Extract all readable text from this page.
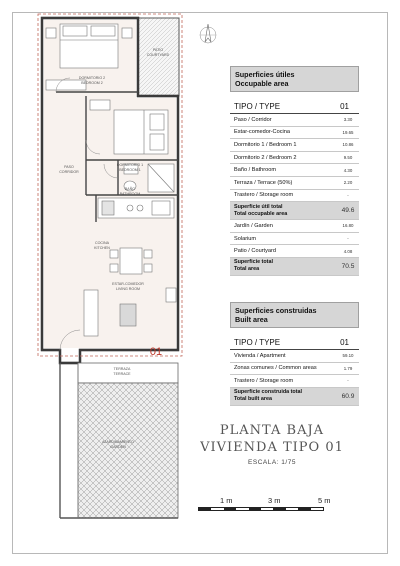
DORMITORIO 2
BEDROOM 2
PATIO
COURTYARD
PASO
CORRIDOR
DORMITORIO 1
BEDROOM 1
BAÑO
BATHROOM
COCINA
KITCHEN
ESTAR-COMEDOR
LIVING ROOM
TERRAZA
TERRACE
AJARDINAMIENTO
GARDEN
01
Superficies útiles
Occupable area
TIPO / TYPE	01
Paso / Corridor	3.30
Estar-comedor-Cocina	19.65
Dormitorio 1 / Bedroom 1	10.86
Dormitorio 2 / Bedroom 2	9.50
Baño / Bathroom	4.30
Terraza / Terrace (50%)	2.20
Trastero / Storage room	-
Superficie útil total
Total occupable area	49.6
Jardín / Garden	16.80
Solarium	-
Patio / Courtyard	4.08
Superficie total
Total area	70.5
Superficies construidas
Built area
TIPO / TYPE	01
Vivienda / Apartment	59.10
Zonas comunes / Common areas	1.79
Trastero / Storage room	-
Superficie construida total
Total built area	60.9
PLANTA BAJA
VIVIENDA TIPO 01
ESCALA: 1/75
1 m	3 m	5 m
